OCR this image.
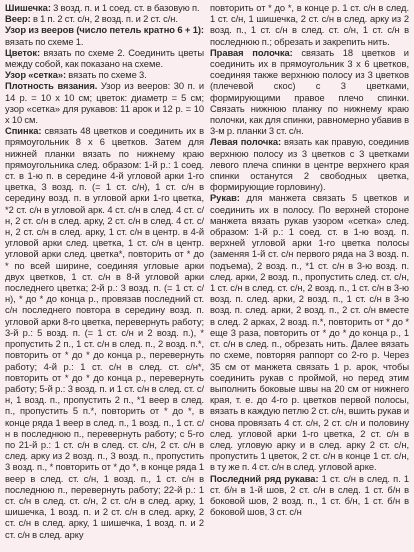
Шишечка: 3 возд. п. и 1 соед. ст. в базовую п.

Веер: в 1 п. 2 ст. с/н, 2 возд. п. и 2 ст. с/н.

Узор из вееров (число петель кратно 6 + 1): вязать по схеме 1.

Цветок: вязать по схеме 2. Соединить цветы между собой, как показано на схеме.

Узор «сетка»: вязать по схеме 3.

Плотность вязания. Узор из вееров: 30 п. и 14 р. = 10 x 10 см; цветок: диаметр = 5 см; узор «сетка» для рукавов: 11 арок и 12 р. = 10 x 10 см.

Спинка: связать 48 цветков и соединить их в прямоугольник 8 x 6 цветков. Затем для нижней планки вязать по нижнему краю прямоугольника след. образом: 1-й р.: 1 соед. ст. в 1-ю п. в середине 4-й угловой арки 1-го цветка, 3 возд. п. (= 1 ст. с/н), 1 ст. с/н в середину возд. п. в угловой арки 1-го цветка, *2 ст. с/н в угловой арк. 4 ст. с/н в след. 4 ст. с/н, 2 ст. с/н в след. арку, 2 ст. с/н в след. 4 ст. с/н, 2 ст. с/н в след. арку, 1 ст. с/н в центр. в 4-й угловой арки след. цветка, 1 ст. с/н в центр. угловой арки след. цветка*, повторить от * до * по всей ширине, соединяя угловые арки двух цветков, 1 ст. с/н в 8-й угловой арки последнего цветка; 2-й р.: 3 возд. п. (= 1 ст. с/н), * до * до конца р., провязав последний ст. с/н последнего повтора в середину возд. п. угловой арки 8-го цветка, перевернуть работу; 3-й р.: 5 возд. п. (= 1 ст. с/н и 2 возд. п.), * пропустить 2 п., 1 ст. с/н в след. п., 2 возд. п.*, повторить от * до * до конца р., перевернуть работу; 4-й р.: 1 ст. с/н в след. ст. с/н*, повторить от * до * до конца р., перевернуть работу; 5-й р.: 3 возд. п. и 1 ст. с/н в след. ст. с/н, 1 возд. п., пропустить 2 п., *1 веер в след. п., пропустить 5 п.*, повторить от * до *, в конце ряда 1 веер в след. п., 1 возд. п., 1 ст. с/н в последнюю п., перевернуть работу; с 5-го по 21-й р.: 1 ст. с/н в след. ст. с/н, 2 ст. с/н в след. арку из 2 возд. п., 3 возд. п., пропустить 3 возд. п., * повторить от * до *, в конце ряда 1 веер в след. ст. с/н, 1 возд. п., 1 ст. с/н в последнюю п., перевернуть работу; 22-й р.: 1 ст. с/н в след. ст. с/н, 2 ст. с/н в след. арку, 1 шишечка, 1 возд. п. и 2 ст. с/н в след. арку, 2 ст. с/н в след. арку, 1 шишечка, 1 возд. п. и 2 ст. с/н в след. арку

повторить от * до *, в конце р. 1 ст. с/н в след. 1 ст. с/н, 1 шишечка, 2 ст. с/н в след. арку из 2 возд. п., 1 ст. с/н в след. ст. с/н, 1 ст. с/н в последнюю п.; обрезать и закрепить нить.

Правая полочка: связать 18 цветков и соединить их в прямоугольник 3 x 6 цветков, соединяя также верхнюю полосу из 3 цветков (плечевой скос) с 3 цветками, формирующими правое плечо спинки. Связать нижнюю планку по нижнему краю полочки, как для спинки, равномерно убавив в 3-м р. планки 3 ст. с/н.

Левая полочка: вязать как правую, соединив верхнюю полосу из 3 цветков с 3 цветками левого плеча спинки в центре верхнего края спинки останутся 2 свободных цветка, формирующие горловину).

Рукав: для манжета связать 5 цветков и соединить их в полосу. По верхней стороне манжета вязать рукав узором «сетка» след. образом: 1-й р.: 1 соед. ст. в 1-ю возд. п. верхней угловой арки 1-го цветка полосы (заменяя 1-й ст. с/н первого ряда на 3 возд. п. подъема), 2 возд. п., *1 ст. с/н в 3-ю возд. п. след. арки, 2 возд. п., пропустить след. ст. с/н, 1 ст. с/н в след. ст. с/н, 2 возд. п., 1 ст. с/н в 3-ю возд. п. след. арки, 2 возд. п., 1 ст. с/н в 3-ю возд. п. след. арки, 2 возд. п., 2 ст. с/н вместе в след. 2 арках, 2 возд. п.*, повторить от * до * еще 3 раза, повторить от * до * до конца р., 1 ст. с/н в след. п., обрезать нить. Далее вязать по схеме, повторяя раппорт со 2-го р. Через 35 см от манжета связать 1 р. арок, чтобы соединить рукав с проймой, но перед этим выполнить боковые швы на 20 см от нижнего края, т. е. до 4-го р. цветков первой полосы, вязать в каждую петлю 2 ст. с/н, вшить рукав и снова провязать 4 ст. с/н, 2 ст. с/н и половину след. угловой арки 1-го цветка, 2 ст. с/н в след. угловую арку и в след. арку 2 ст. с/н, пропустить 1 цветок, 2 ст. с/н в конце 1 ст. с/н, в ту же п. 4 ст. с/н в след. угловой арке.

Последний ряд рукава: 1 ст. с/н в след. п. 1 ст. б/н в 1-й шов, 2 ст. с/н в след. 1 ст. б/н в боковой шов, 2 возд. п., 1 ст. б/н, 1 ст. б/н в боковой шов, 3 ст. с/н
